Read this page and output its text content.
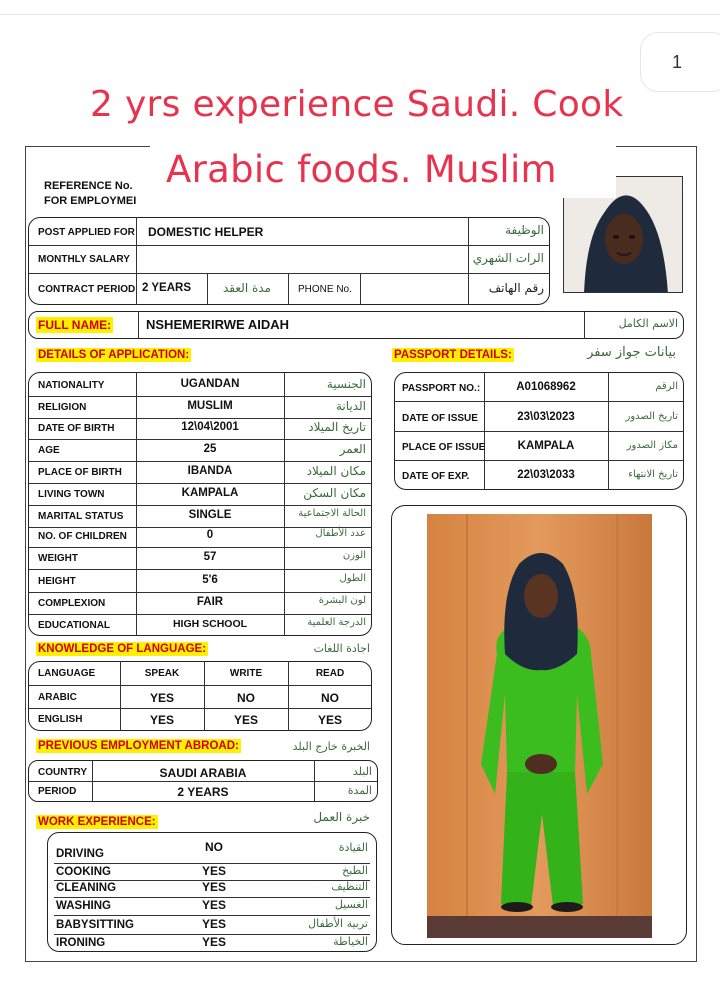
1
REFERENCE No.
FOR EMPLOYMEI
POST APPLIED FOR DOMESTIC HELPER	الوظيفة
MONTHLY SALARY	الرات الشهري
CONTRACT PERIOD 2 YEARS	مدة العقد	PHONE No.	رقم الهاتف
FULL NAME:	NSHEMERIRWE AIDAH	الاسم الكامل
DETAILS OF APPLICATION:	PASSPORT DETAILS:	بيانات جواز سفر
NATIONALITY	UGANDAN	الجنسية
RELIGION	MUSLIM	الديانة
DATE OF BIRTH	12\04\2001	تاريخ الميلاد
AGE	25	العمر
PLACE OF BIRTH	IBANDA	مكان الميلاد
LIVING TOWN	KAMPALA	مكان السكن
MARITAL STATUS	SINGLE	الحالة الاجتماعية
NO. OF CHILDREN	0	عدد الأطفال
WEIGHT	57	الوزن
HEIGHT	5'6	الطول
COMPLEXION	FAIR	لون البشرة
EDUCATIONAL	HIGH SCHOOL	الدرجة العلمية
PASSPORT NO.:	A01068962	الرقم
DATE OF ISSUE	23\03\2023	تاريخ الصدور
PLACE OF ISSUE	KAMPALA	مكاز الصدور
DATE OF EXP.	22\03\2033	تاريخ الانتهاء
KNOWLEDGE OF LANGUAGE:	اجادة اللغات
LANGUAGE	SPEAK	WRITE	READ
ARABIC	YES	NO	NO
ENGLISH	YES	YES	YES
PREVIOUS EMPLOYMENT ABROAD:	الخبرة خارج البلد
COUNTRY	SAUDI ARABIA	البلد
PERIOD	2 YEARS	المدة
WORK EXPERIENCE:	خبرة العمل
DRIVING	NO	القيادة
COOKING	YES	الطبخ
CLEANING	YES	التنظيف
WASHING	YES	الغسيل
BABYSITTING	YES	تربية الأطفال
IRONING	YES	الخياطة
2 yrs experience Saudi. Cook
Arabic foods. Muslim
